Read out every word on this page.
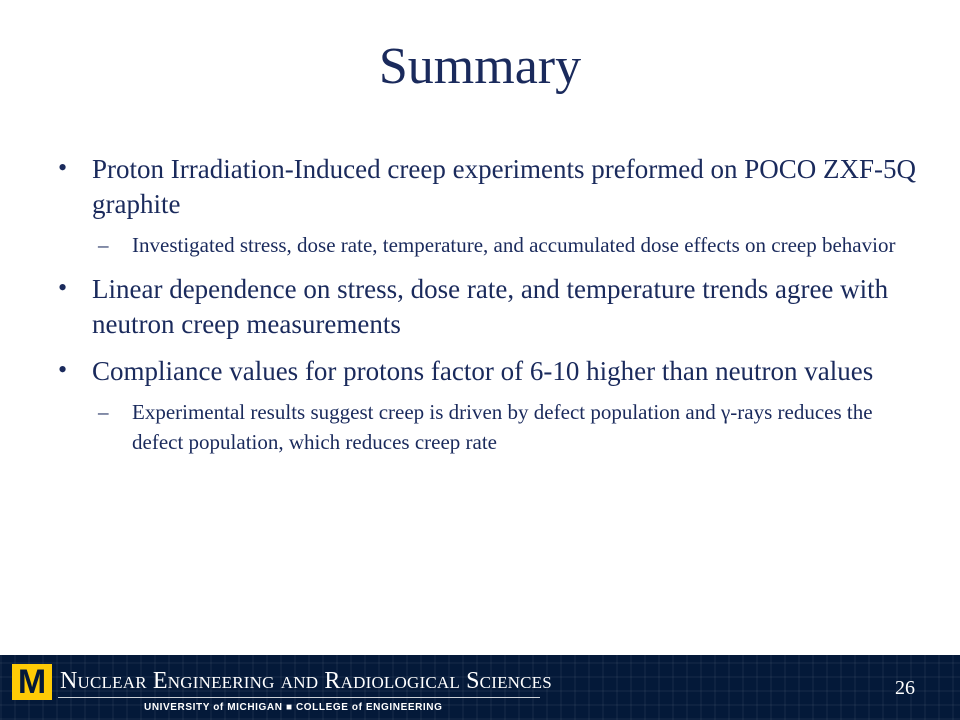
Summary
• Proton Irradiation-Induced creep experiments preformed on POCO ZXF-5Q graphite
– Investigated stress, dose rate, temperature, and accumulated dose effects on creep behavior
• Linear dependence on stress, dose rate, and temperature trends agree with neutron creep measurements
• Compliance values for protons factor of 6-10 higher than neutron values
– Experimental results suggest creep is driven by defect population and γ-rays reduces the defect population, which reduces creep rate
M Nuclear Engineering and Radiological Sciences
UNIVERSITY of MICHIGAN ■ COLLEGE of ENGINEERING
26
